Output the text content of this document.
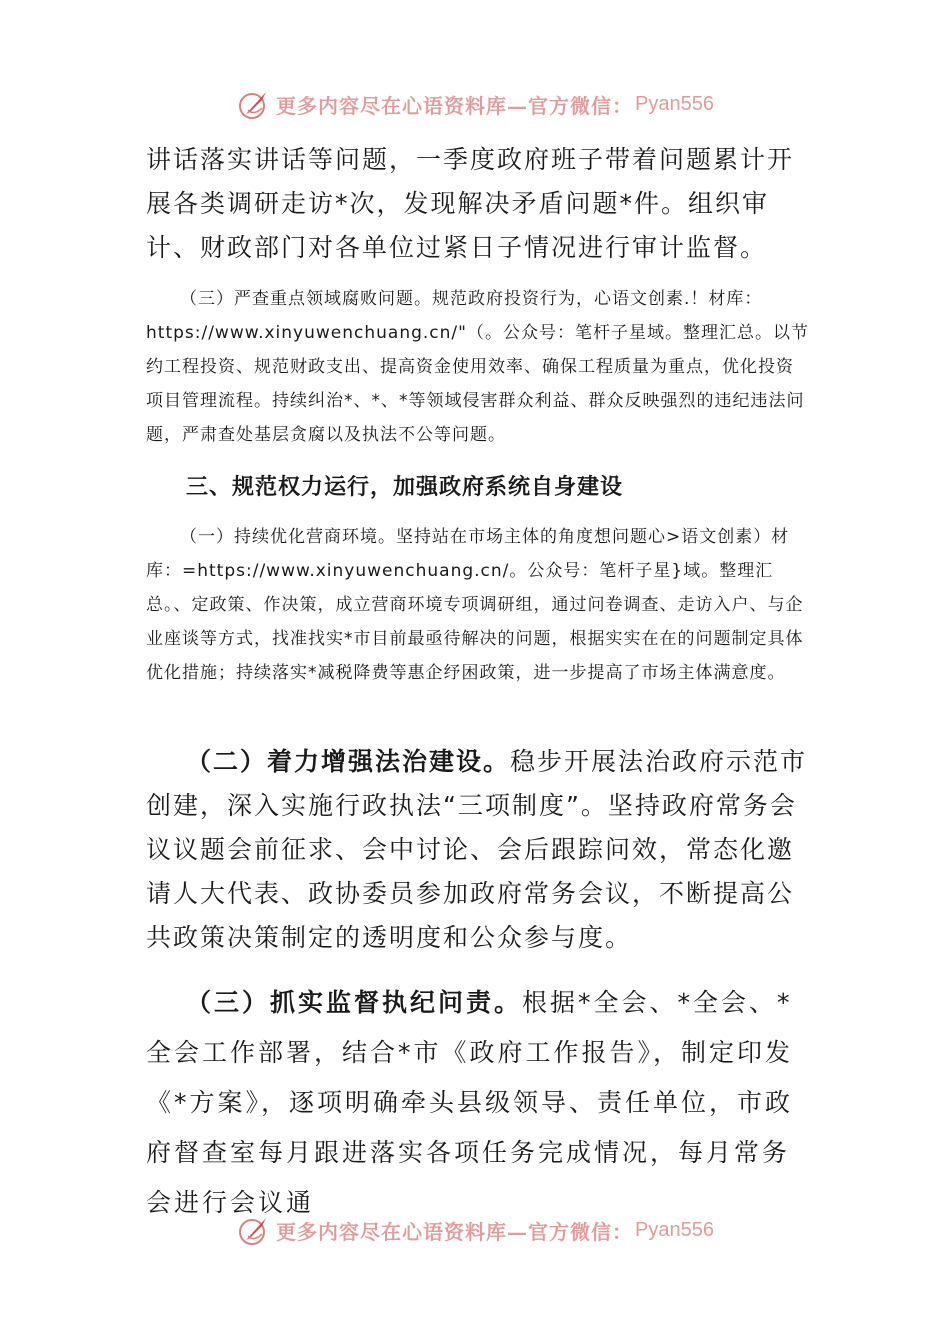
更多内容尽在心语资料库—官方微信： Pyan556

讲话落实讲话等问题，一季度政府班子带着问题累计开展各类调研走访*次，发现解决矛盾问题*件。组织审计、财政部门对各单位过紧日子情况进行审计监督。

（三）严查重点领域腐败问题。规范政府投资行为，心语文创素.！材库：https://www.xinyuwenchuang.cn/"（。公众号：笔杆子星域。整理汇总。以节约工程投资、规范财政支出、提高资金使用效率、确保工程质量为重点，优化投资项目管理流程。持续纠治*、*、*等领域侵害群众利益、群众反映强烈的违纪违法问题，严肃查处基层贪腐以及执法不公等问题。

三、规范权力运行，加强政府系统自身建设

（一）持续优化营商环境。坚持站在市场主体的角度想问题心>语文创素）材库：=https://www.xinyuwenchuang.cn/。公众号：笔杆子星}域。整理汇总。、定政策、作决策，成立营商环境专项调研组，通过问卷调查、走访入户、与企业座谈等方式，找准找实*市目前最亟待解决的问题，根据实实在在的问题制定具体优化措施；持续落实*减税降费等惠企纾困政策，进一步提高了市场主体满意度。

（二）着力增强法治建设。稳步开展法治政府示范市创建，深入实施行政执法“三项制度”。坚持政府常务会议议题会前征求、会中讨论、会后跟踪问效，常态化邀请人大代表、政协委员参加政府常务会议，不断提高公共政策决策制定的透明度和公众参与度。

（三）抓实监督执纪问责。根据*全会、*全会、*全会工作部署，结合*市《政府工作报告》，制定印发《*方案》，逐项明确牵头县级领导、责任单位，市政府督查室每月跟进落实各项任务完成情况，每月常务会进行会议通

更多内容尽在心语资料库—官方微信： Pyan556
